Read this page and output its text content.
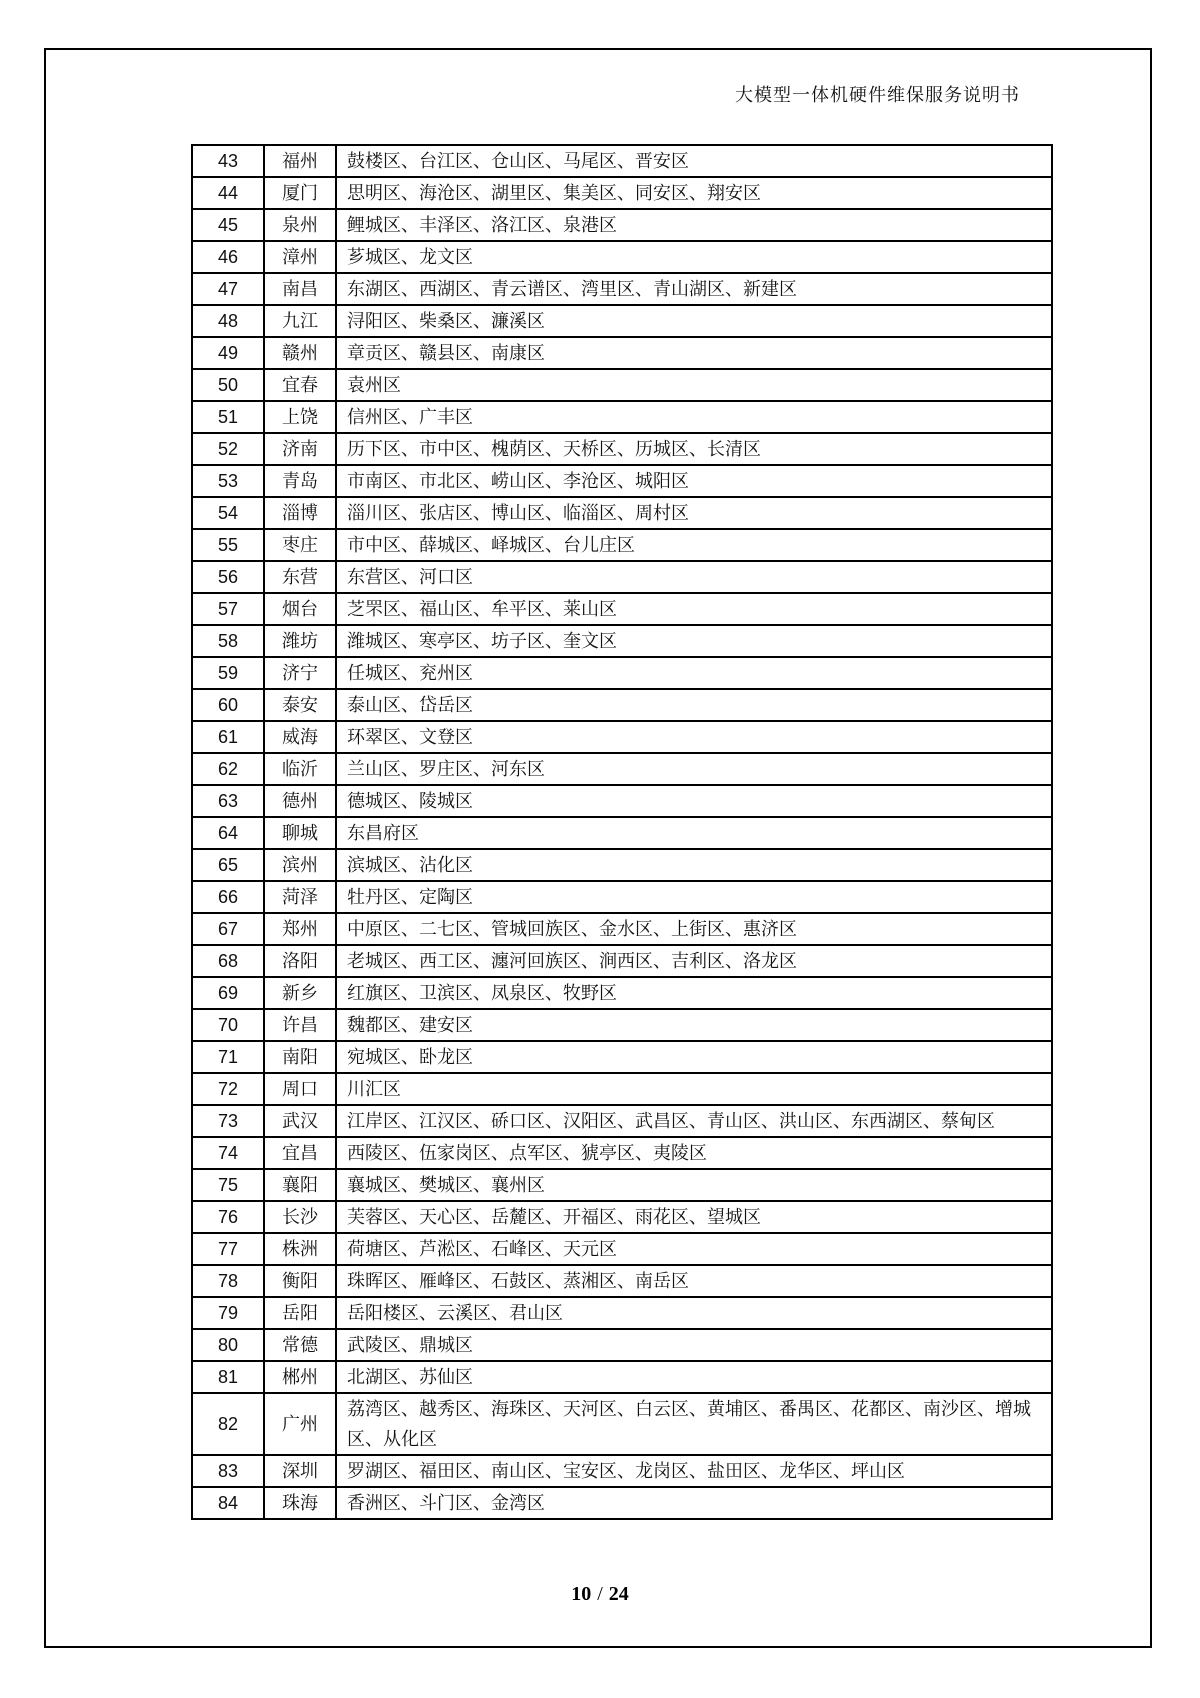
大模型一体机硬件维保服务说明书
43	福州	鼓楼区、台江区、仓山区、马尾区、晋安区
44	厦门	思明区、海沧区、湖里区、集美区、同安区、翔安区
45	泉州	鲤城区、丰泽区、洛江区、泉港区
46	漳州	芗城区、龙文区
47	南昌	东湖区、西湖区、青云谱区、湾里区、青山湖区、新建区
48	九江	浔阳区、柴桑区、濂溪区
49	赣州	章贡区、赣县区、南康区
50	宜春	袁州区
51	上饶	信州区、广丰区
52	济南	历下区、市中区、槐荫区、天桥区、历城区、长清区
53	青岛	市南区、市北区、崂山区、李沧区、城阳区
54	淄博	淄川区、张店区、博山区、临淄区、周村区
55	枣庄	市中区、薛城区、峄城区、台儿庄区
56	东营	东营区、河口区
57	烟台	芝罘区、福山区、牟平区、莱山区
58	潍坊	潍城区、寒亭区、坊子区、奎文区
59	济宁	任城区、兖州区
60	泰安	泰山区、岱岳区
61	威海	环翠区、文登区
62	临沂	兰山区、罗庄区、河东区
63	德州	德城区、陵城区
64	聊城	东昌府区
65	滨州	滨城区、沾化区
66	菏泽	牡丹区、定陶区
67	郑州	中原区、二七区、管城回族区、金水区、上街区、惠济区
68	洛阳	老城区、西工区、瀍河回族区、涧西区、吉利区、洛龙区
69	新乡	红旗区、卫滨区、凤泉区、牧野区
70	许昌	魏都区、建安区
71	南阳	宛城区、卧龙区
72	周口	川汇区
73	武汉	江岸区、江汉区、硚口区、汉阳区、武昌区、青山区、洪山区、东西湖区、蔡甸区
74	宜昌	西陵区、伍家岗区、点军区、猇亭区、夷陵区
75	襄阳	襄城区、樊城区、襄州区
76	长沙	芙蓉区、天心区、岳麓区、开福区、雨花区、望城区
77	株洲	荷塘区、芦淞区、石峰区、天元区
78	衡阳	珠晖区、雁峰区、石鼓区、蒸湘区、南岳区
79	岳阳	岳阳楼区、云溪区、君山区
80	常德	武陵区、鼎城区
81	郴州	北湖区、苏仙区
82	广州	荔湾区、越秀区、海珠区、天河区、白云区、黄埔区、番禺区、花都区、南沙区、增城区、从化区
83	深圳	罗湖区、福田区、南山区、宝安区、龙岗区、盐田区、龙华区、坪山区
84	珠海	香洲区、斗门区、金湾区
10 / 24
